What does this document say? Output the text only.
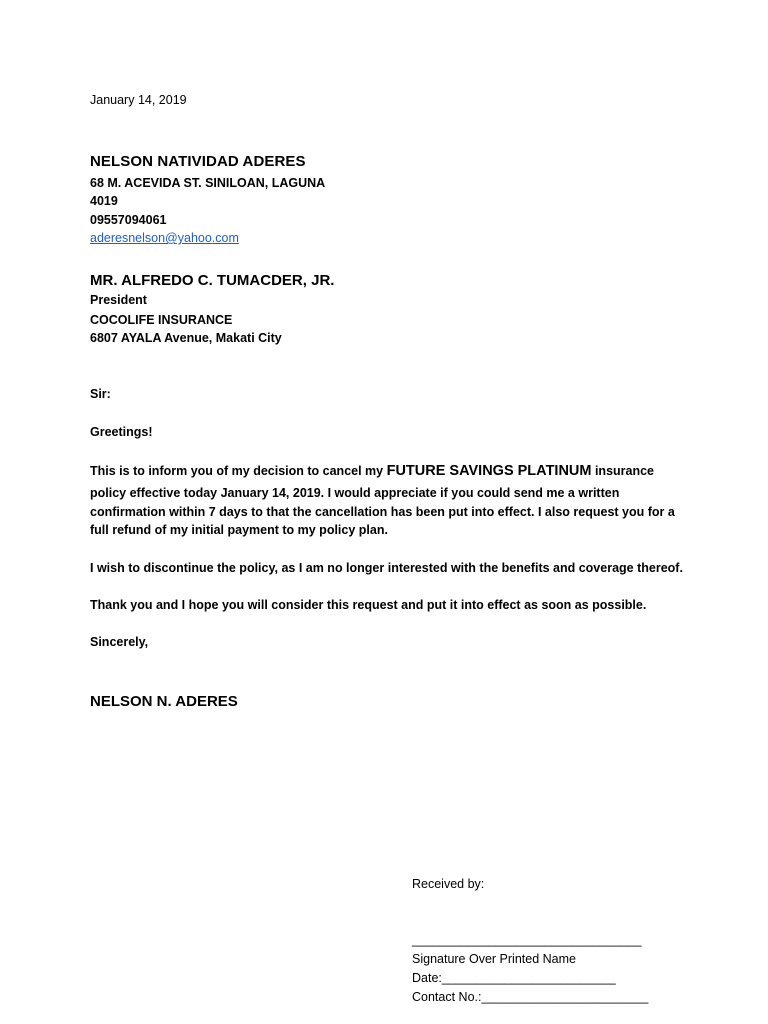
January 14, 2019
NELSON NATIVIDAD ADERES
68 M. ACEVIDA ST. SINILOAN, LAGUNA
4019
09557094061
aderesnelson@yahoo.com
MR. ALFREDO C. TUMACDER, JR.
President
COCOLIFE INSURANCE
6807 AYALA Avenue, Makati City
Sir:
Greetings!
This is to inform you of my decision to cancel my FUTURE SAVINGS PLATINUM insurance
policy effective today January 14, 2019. I would appreciate if you could send me a written
confirmation within 7 days to that the cancellation has been put into effect. I also request you for a
full refund of my initial payment to my policy plan.
I wish to discontinue the policy, as I am no longer interested with the benefits and coverage thereof.
Thank you and I hope you will consider this request and put it into effect as soon as possible.
Sincerely,
NELSON N. ADERES
Received by:
_________________________________
Signature Over Printed Name
Date:_________________________
Contact No.:________________________
